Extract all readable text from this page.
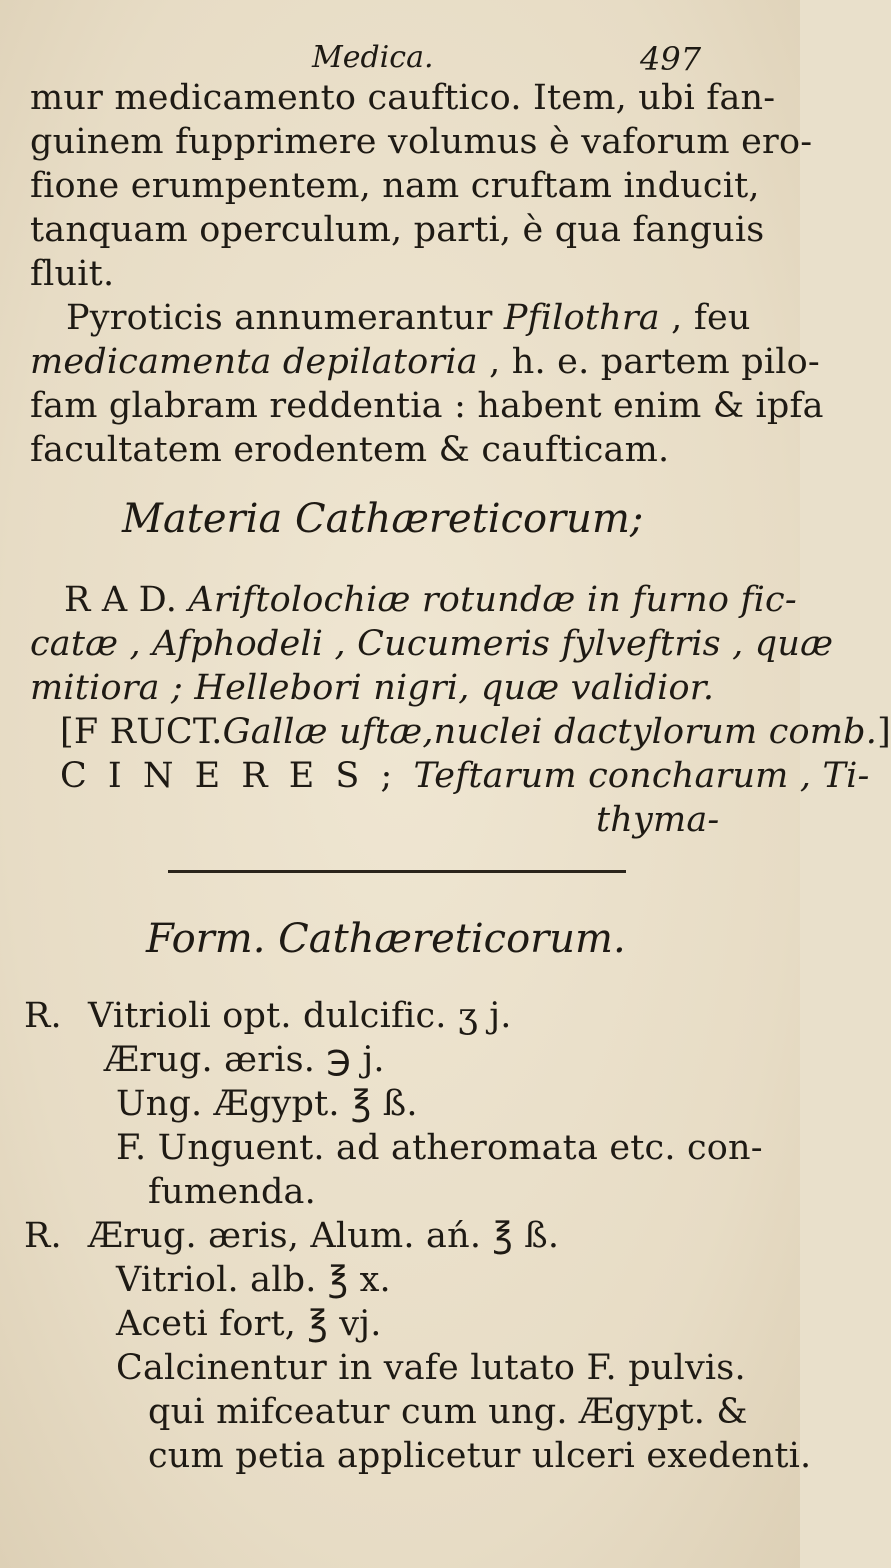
Medica.	497
mur medicamento cauftico. Item, ubi fan-
guinem fupprimere volumus è vaforum ero-
fione erumpentem, nam cruftam inducit,
tanquam operculum, parti, è qua fanguis
fluit.
Pyroticis annumerantur Pfilothra , feu
medicamenta depilatoria , h. e. partem pilo-
fam glabram reddentia : habent enim & ipfa
facultatem erodentem & caufticam.
Materia Cathæreticorum;
R A D. Ariftolochiæ rotundæ in furno fic-
catæ , Afphodeli , Cucumeris fylveftris , quæ
mitiora ; Hellebori nigri, quæ validior.
[F RUCT.Gallæ uftæ,nuclei dactylorum comb.]
C I N E R E S ; Teftarum concharum , Ti-
thyma-
Form. Cathæreticorum.
R. Vitrioli opt. dulcific. ʒ j.
Ærug. æris. ℈ j.
Ung. Ægypt. ℥ ß.
F. Unguent. ad atheromata etc. con-
fumenda.
R. Ærug. æris, Alum. ań. ℥ ß.
Vitriol. alb. ℥ x.
Aceti fort, ℥ vj.
Calcinentur in vafe lutato F. pulvis.
qui mifceatur cum ung. Ægypt. &
cum petia applicetur ulceri exedenti.
